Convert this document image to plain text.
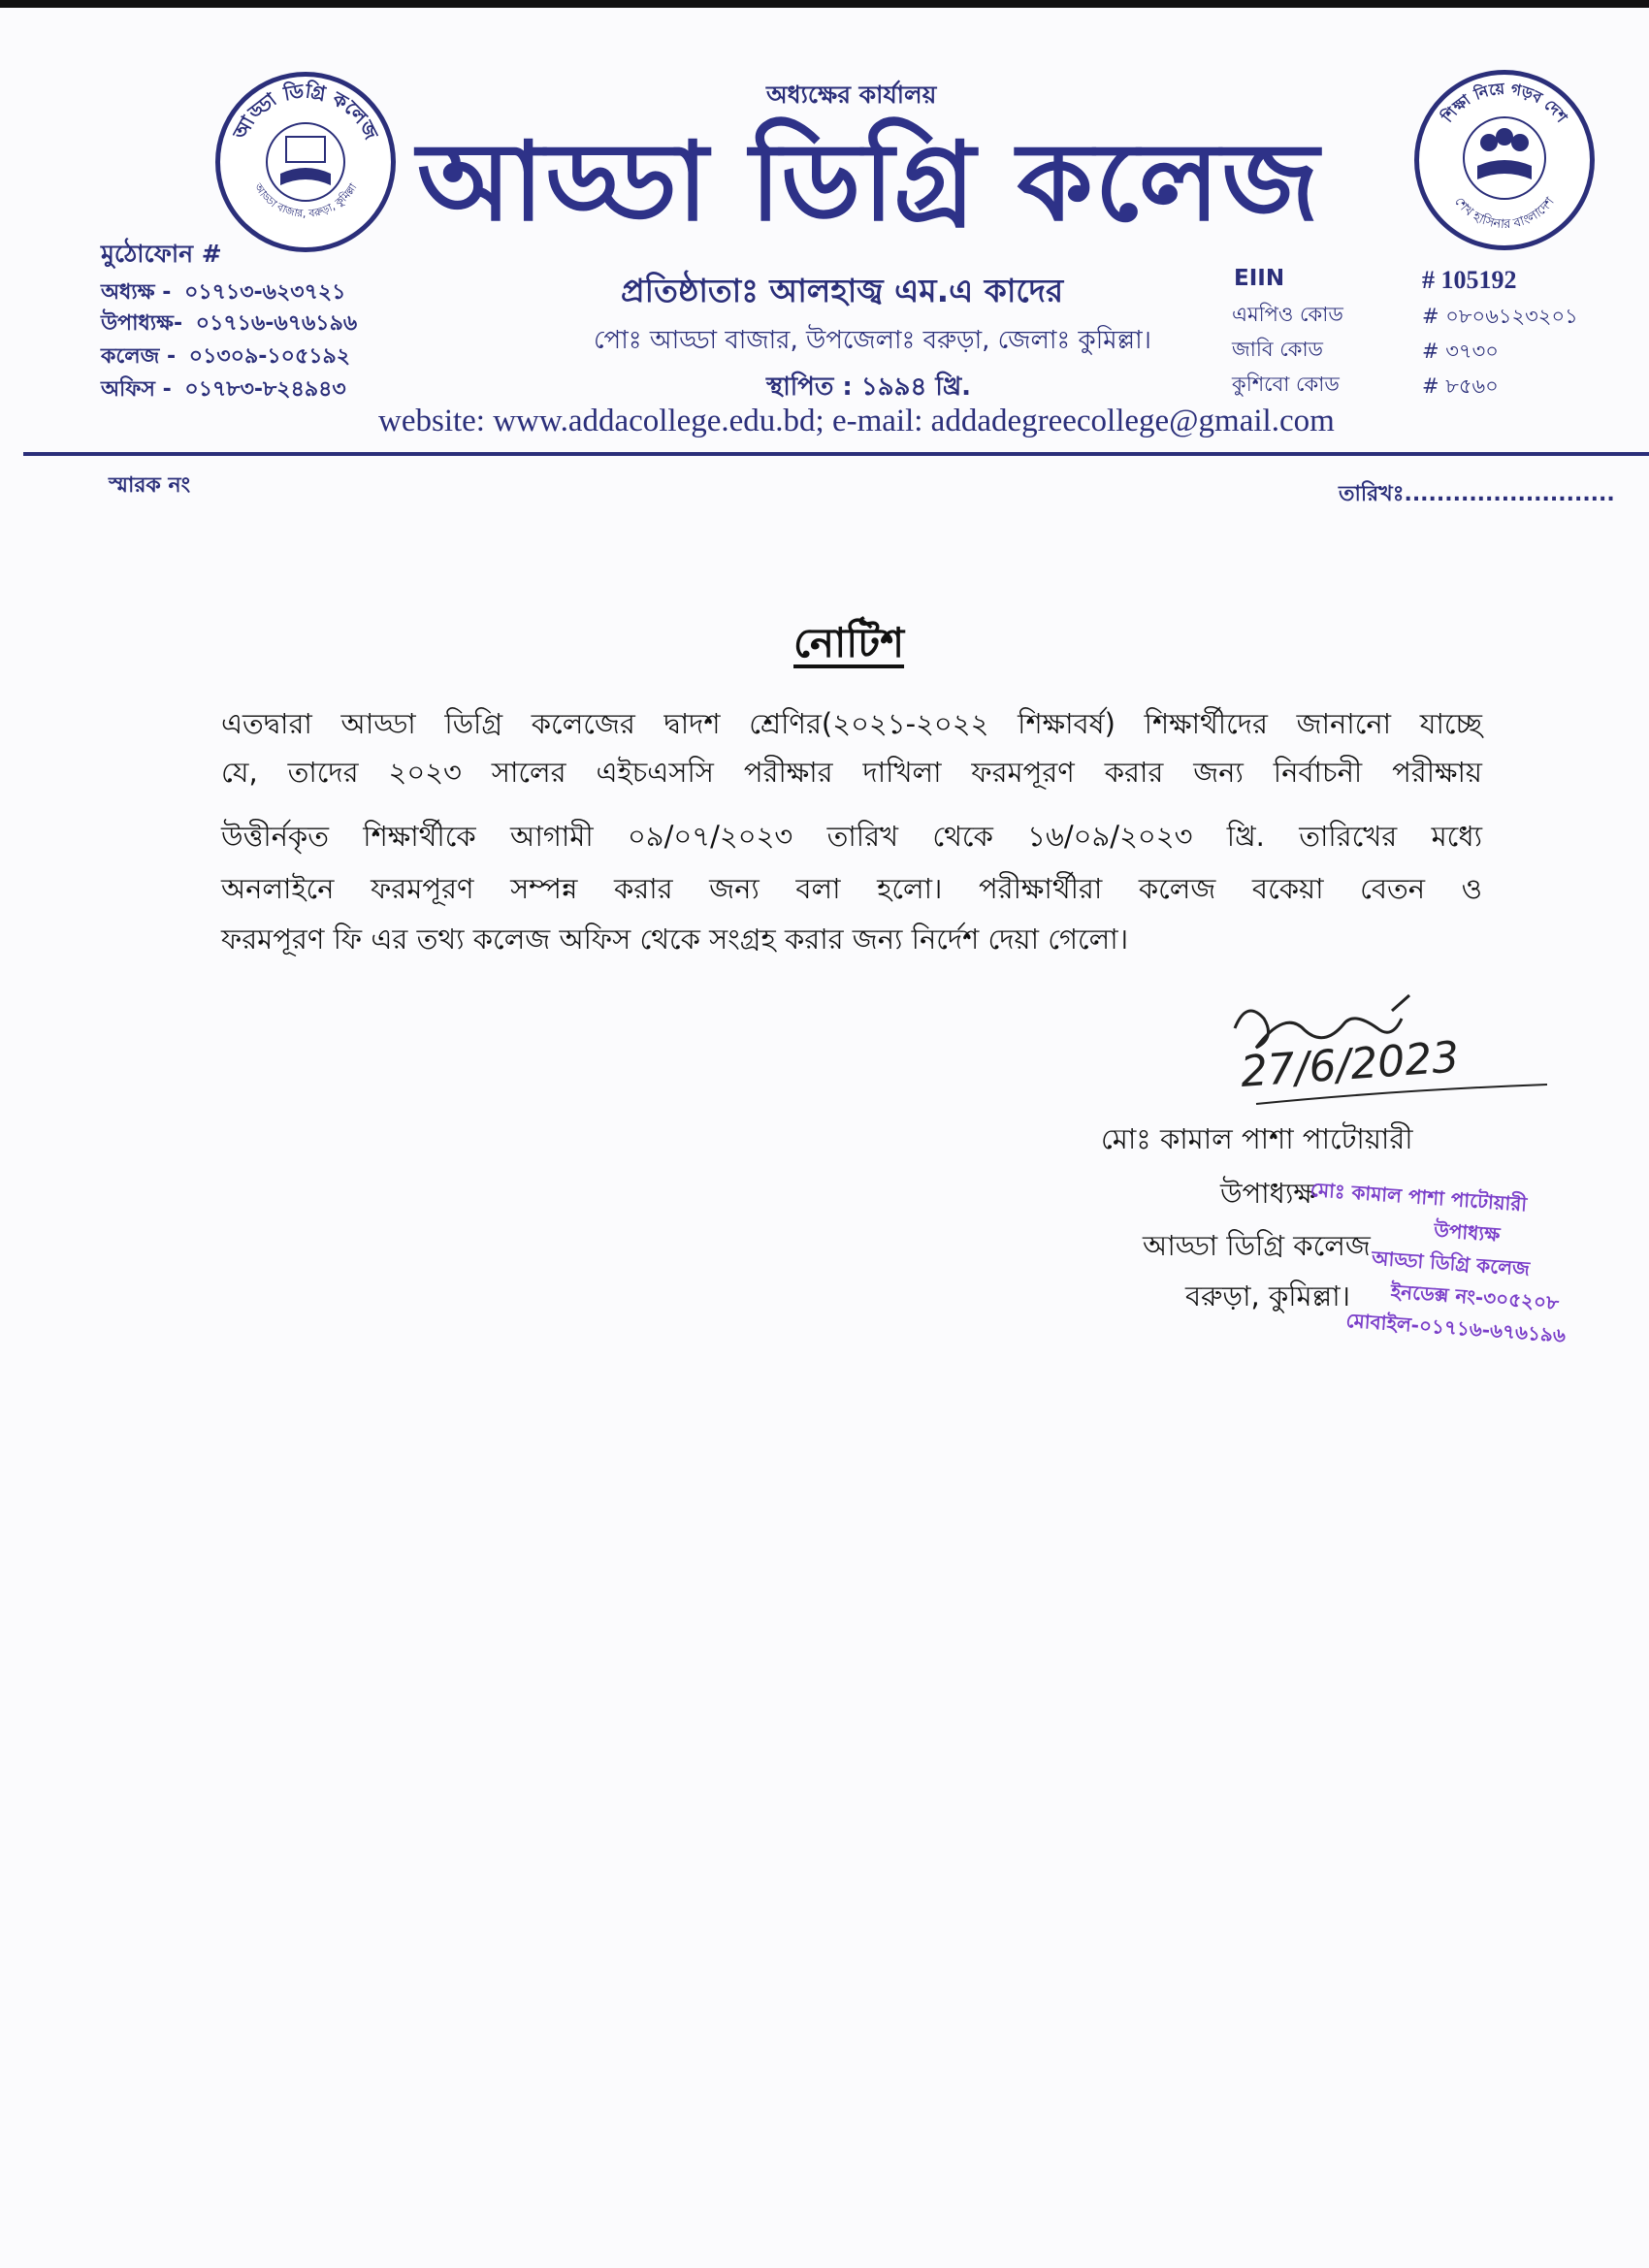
আড্ডা ডিগ্রি কলেজ
আড্ডা বাজার, বরুড়া, কুমিল্লা
শিক্ষা নিয়ে গড়ব দেশ
শেখ হাসিনার বাংলাদেশ
অধ্যক্ষের কার্যালয়
আড্ডা ডিগ্রি কলেজ
প্রতিষ্ঠাতাঃ আলহাজ্ব এম.এ কাদের
পোঃ আড্ডা বাজার, উপজেলাঃ বরুড়া, জেলাঃ কুমিল্লা।
স্থাপিত : ১৯৯৪ খ্রি.
website: www.addacollege.edu.bd; e-mail: addadegreecollege@gmail.com
মুঠোফোন #
অধ্যক্ষ - ০১৭১৩-৬২৩৭২১
উপাধ্যক্ষ- ০১৭১৬-৬৭৬১৯৬
কলেজ - ০১৩০৯-১০৫১৯২
অফিস - ০১৭৮৩-৮২৪৯৪৩
EIIN	# 105192
এমপিও কোড	# ০৮০৬১২৩২০১
জাবি কোড	# ৩৭৩০
কুশিবো কোড	# ৮৫৬০
স্মারক নং	তারিখঃ..........................
নোটিশ
এতদ্বারা আড্ডা ডিগ্রি কলেজের দ্বাদশ শ্রেণির(২০২১-২০২২ শিক্ষাবর্ষ) শিক্ষার্থীদের জানানো যাচ্ছে
যে, তাদের ২০২৩ সালের এইচএসসি পরীক্ষার দাখিলা ফরমপূরণ করার জন্য নির্বাচনী পরীক্ষায়
উত্তীর্নকৃত শিক্ষার্থীকে আগামী ০৯/০৭/২০২৩ তারিখ থেকে ১৬/০৯/২০২৩ খ্রি. তারিখের মধ্যে
অনলাইনে ফরমপূরণ সম্পন্ন করার জন্য বলা হলো। পরীক্ষার্থীরা কলেজ বকেয়া বেতন ও
ফরমপূরণ ফি এর তথ্য কলেজ অফিস থেকে সংগ্রহ করার জন্য নির্দেশ দেয়া গেলো।
27/6/2023
মোঃ কামাল পাশা পাটোয়ারী
উপাধ্যক্ষ
আড্ডা ডিগ্রি কলেজ
বরুড়া, কুমিল্লা।
মোঃ কামাল পাশা পাটোয়ারী
উপাধ্যক্ষ
আড্ডা ডিগ্রি কলেজ
ইনডেক্স নং-৩০৫২০৮
মোবাইল-০১৭১৬-৬৭৬১৯৬
